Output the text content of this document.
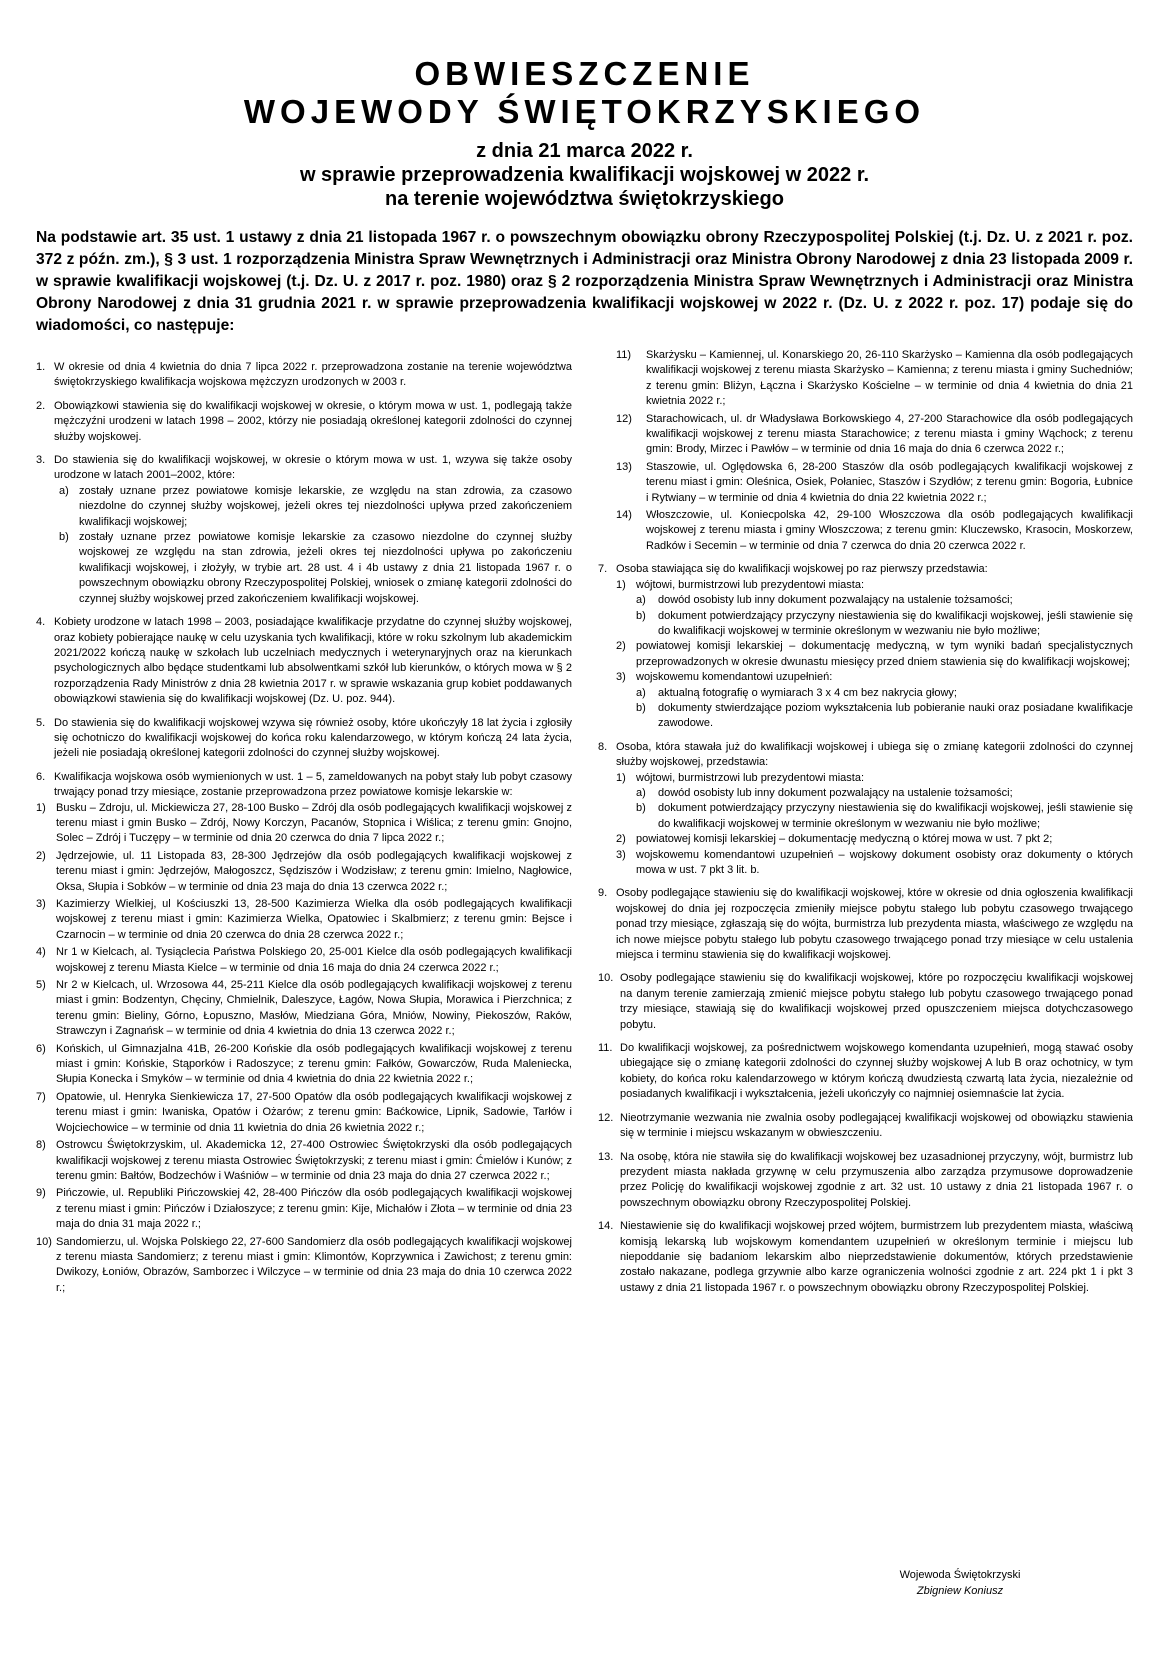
OBWIESZCZENIE
WOJEWODY ŚWIĘTOKRZYSKIEGO
z dnia 21 marca 2022 r.
w sprawie przeprowadzenia kwalifikacji wojskowej w 2022 r.
na terenie województwa świętokrzyskiego
Na podstawie art. 35 ust. 1 ustawy z dnia 21 listopada 1967 r. o powszechnym obowiązku obrony Rzeczypospolitej Polskiej (t.j. Dz. U. z 2021 r. poz. 372 z późn. zm.), § 3 ust. 1 rozporządzenia Ministra Spraw Wewnętrznych i Administracji oraz Ministra Obrony Narodowej z dnia 23 listopada 2009 r. w sprawie kwalifikacji wojskowej (t.j. Dz. U. z 2017 r. poz. 1980) oraz § 2 rozporządzenia Ministra Spraw Wewnętrznych i Administracji oraz Ministra Obrony Narodowej z dnia 31 grudnia 2021 r. w sprawie przeprowadzenia kwalifikacji wojskowej w 2022 r. (Dz. U. z 2022 r. poz. 17) podaje się do wiadomości, co następuje:
1. W okresie od dnia 4 kwietnia do dnia 7 lipca 2022 r. przeprowadzona zostanie na terenie województwa świętokrzyskiego kwalifikacja wojskowa mężczyzn urodzonych w 2003 r.
2. Obowiązkowi stawienia się do kwalifikacji wojskowej w okresie, o którym mowa w ust. 1, podlegają także mężczyźni urodzeni w latach 1998 – 2002, którzy nie posiadają określonej kategorii zdolności do czynnej służby wojskowej.
3. Do stawienia się do kwalifikacji wojskowej, w okresie o którym mowa w ust. 1, wzywa się także osoby urodzone w latach 2001–2002, które:
a) zostały uznane przez powiatowe komisje lekarskie, ze względu na stan zdrowia, za czasowo niezdolne do czynnej służby wojskowej, jeżeli okres tej niezdolności upływa przed zakończeniem kwalifikacji wojskowej;
b) zostały uznane przez powiatowe komisje lekarskie za czasowo niezdolne do czynnej służby wojskowej ze względu na stan zdrowia, jeżeli okres tej niezdolności upływa po zakończeniu kwalifikacji wojskowej, i złożyły, w trybie art. 28 ust. 4 i 4b ustawy z dnia 21 listopada 1967 r. o powszechnym obowiązku obrony Rzeczypospolitej Polskiej, wniosek o zmianę kategorii zdolności do czynnej służby wojskowej przed zakończeniem kwalifikacji wojskowej.
4. Kobiety urodzone w latach 1998 – 2003, posiadające kwalifikacje przydatne do czynnej służby wojskowej, oraz kobiety pobierające naukę w celu uzyskania tych kwalifikacji, które w roku szkolnym lub akademickim 2021/2022 kończą naukę w szkołach lub uczelniach medycznych i weterynaryjnych oraz na kierunkach psychologicznych albo będące studentkami lub absolwentkami szkół lub kierunków, o których mowa w § 2 rozporządzenia Rady Ministrów z dnia 28 kwietnia 2017 r. w sprawie wskazania grup kobiet poddawanych obowiązkowi stawienia się do kwalifikacji wojskowej (Dz. U. poz. 944).
5. Do stawienia się do kwalifikacji wojskowej wzywa się również osoby, które ukończyły 18 lat życia i zgłosiły się ochotniczo do kwalifikacji wojskowej do końca roku kalendarzowego, w którym kończą 24 lata życia, jeżeli nie posiadają określonej kategorii zdolności do czynnej służby wojskowej.
6. Kwalifikacja wojskowa osób wymienionych w ust. 1 – 5, zameldowanych na pobyt stały lub pobyt czasowy trwający ponad trzy miesiące, zostanie przeprowadzona przez powiatowe komisje lekarskie w:
1) Busku – Zdroju, ul. Mickiewicza 27, 28-100 Busko – Zdrój dla osób podlegających kwalifikacji wojskowej z terenu miast i gmin Busko – Zdrój, Nowy Korczyn, Pacanów, Stopnica i Wiślica; z terenu gmin: Gnojno, Solec – Zdrój i Tuczępy – w terminie od dnia 20 czerwca do dnia 7 lipca 2022 r.;
2) Jędrzejowie, ul. 11 Listopada 83, 28-300 Jędrzejów dla osób podlegających kwalifikacji wojskowej z terenu miast i gmin: Jędrzejów, Małogoszcz, Sędziszów i Wodzisław; z terenu gmin: Imielno, Nagłowice, Oksa, Słupia i Sobków – w terminie od dnia 23 maja do dnia 13 czerwca 2022 r.;
3) Kazimierzy Wielkiej, ul Kościuszki 13, 28-500 Kazimierza Wielka dla osób podlegających kwalifikacji wojskowej z terenu miast i gmin: Kazimierza Wielka, Opatowiec i Skalbmierz; z terenu gmin: Bejsce i Czarnocin – w terminie od dnia 20 czerwca do dnia 28 czerwca 2022 r.;
4) Nr 1 w Kielcach, al. Tysiąclecia Państwa Polskiego 20, 25-001 Kielce dla osób podlegających kwalifikacji wojskowej z terenu Miasta Kielce – w terminie od dnia 16 maja do dnia 24 czerwca 2022 r.;
5) Nr 2 w Kielcach, ul. Wrzosowa 44, 25-211 Kielce dla osób podlegających kwalifikacji wojskowej z terenu miast i gmin: Bodzentyn, Chęciny, Chmielnik, Daleszyce, Łagów, Nowa Słupia, Morawica i Pierzchnica; z terenu gmin: Bieliny, Górno, Łopuszno, Masłów, Miedziana Góra, Mniów, Nowiny, Piekoszów, Raków, Strawczyn i Zagnańsk – w terminie od dnia 4 kwietnia do dnia 13 czerwca 2022 r.;
6) Końskich, ul Gimnazjalna 41B, 26-200 Końskie dla osób podlegających kwalifikacji wojskowej z terenu miast i gmin: Końskie, Stąporków i Radoszyce; z terenu gmin: Fałków, Gowarczów, Ruda Maleniecka, Słupia Konecka i Smyków – w terminie od dnia 4 kwietnia do dnia 22 kwietnia 2022 r.;
7) Opatowie, ul. Henryka Sienkiewicza 17, 27-500 Opatów dla osób podlegających kwalifikacji wojskowej z terenu miast i gmin: Iwaniska, Opatów i Ożarów; z terenu gmin: Baćkowice, Lipnik, Sadowie, Tarłów i Wojciechowice – w terminie od dnia 11 kwietnia do dnia 26 kwietnia 2022 r.;
8) Ostrowcu Świętokrzyskim, ul. Akademicka 12, 27-400 Ostrowiec Świętokrzyski dla osób podlegających kwalifikacji wojskowej z terenu miasta Ostrowiec Świętokrzyski; z terenu miast i gmin: Ćmielów i Kunów; z terenu gmin: Bałtów, Bodzechów i Waśniów – w terminie od dnia 23 maja do dnia 27 czerwca 2022 r.;
9) Pińczowie, ul. Republiki Pińczowskiej 42, 28-400 Pińczów dla osób podlegających kwalifikacji wojskowej z terenu miast i gmin: Pińczów i Działoszyce; z terenu gmin: Kije, Michałów i Złota – w terminie od dnia 23 maja do dnia 31 maja 2022 r.;
10) Sandomierzu, ul. Wojska Polskiego 22, 27-600 Sandomierz dla osób podlegających kwalifikacji wojskowej z terenu miasta Sandomierz; z terenu miast i gmin: Klimontów, Koprzywnica i Zawichost; z terenu gmin: Dwikozy, Łoniów, Obrazów, Samborzec i Wilczyce – w terminie od dnia 23 maja do dnia 10 czerwca 2022 r.;
11)	Skarżysku – Kamiennej, ul. Konarskiego 20, 26-110 Skarżysko – Kamienna dla osób podlegających kwalifikacji wojskowej z terenu miasta Skarżysko – Kamienna; z terenu miasta i gminy Suchedniów; z terenu gmin: Bliżyn, Łączna i Skarżysko Kościelne – w terminie od dnia 4 kwietnia do dnia 21 kwietnia 2022 r.;
12)	Starachowicach, ul. dr Władysława Borkowskiego 4, 27-200 Starachowice dla osób podlegających kwalifikacji wojskowej z terenu miasta Starachowice; z terenu miasta i gminy Wąchock; z terenu gmin: Brody, Mirzec i Pawłów – w terminie od dnia 16 maja do dnia 6 czerwca 2022 r.;
13)	Staszowie, ul. Oględowska 6, 28-200 Staszów dla osób podlegających kwalifikacji wojskowej z terenu miast i gmin: Oleśnica, Osiek, Połaniec, Staszów i Szydłów; z terenu gmin: Bogoria, Łubnice i Rytwiany – w terminie od dnia 4 kwietnia do dnia 22 kwietnia 2022 r.;
14)	Włoszczowie, ul. Koniecpolska 42, 29-100 Włoszczowa dla osób podlegających kwalifikacji wojskowej z terenu miasta i gminy Włoszczowa; z terenu gmin: Kluczewsko, Krasocin, Moskorzew, Radków i Secemin – w terminie od dnia 7 czerwca do dnia 20 czerwca 2022 r.
7. Osoba stawiająca się do kwalifikacji wojskowej po raz pierwszy przedstawia:
1) wójtowi, burmistrzowi lub prezydentowi miasta:
a)	dowód osobisty lub inny dokument pozwalający na ustalenie tożsamości;
b)	dokument potwierdzający przyczyny niestawienia się do kwalifikacji wojskowej, jeśli stawienie się do kwalifikacji wojskowej w terminie określonym w wezwaniu nie było możliwe;
2) powiatowej komisji lekarskiej – dokumentację medyczną, w tym wyniki badań specjalistycznych przeprowadzonych w okresie dwunastu miesięcy przed dniem stawienia się do kwalifikacji wojskowej;
3) wojskowemu komendantowi uzupełnień:
a)	aktualną fotografię o wymiarach 3 x 4 cm bez nakrycia głowy;
b)	dokumenty stwierdzające poziom wykształcenia lub pobieranie nauki oraz posiadane kwalifikacje zawodowe.
8. Osoba, która stawała już do kwalifikacji wojskowej i ubiega się o zmianę kategorii zdolności do czynnej służby wojskowej, przedstawia:
1) wójtowi, burmistrzowi lub prezydentowi miasta:
a)	dowód osobisty lub inny dokument pozwalający na ustalenie tożsamości;
b)	dokument potwierdzający przyczyny niestawienia się do kwalifikacji wojskowej, jeśli stawienie się do kwalifikacji wojskowej w terminie określonym w wezwaniu nie było możliwe;
2) powiatowej komisji lekarskiej – dokumentację medyczną o której mowa w ust. 7 pkt 2;
3) wojskowemu komendantowi uzupełnień – wojskowy dokument osobisty oraz dokumenty o których mowa w ust. 7 pkt 3 lit. b.
9. Osoby podlegające stawieniu się do kwalifikacji wojskowej, które w okresie od dnia ogłoszenia kwalifikacji wojskowej do dnia jej rozpoczęcia zmieniły miejsce pobytu stałego lub pobytu czasowego trwającego ponad trzy miesiące, zgłaszają się do wójta, burmistrza lub prezydenta miasta, właściwego ze względu na ich nowe miejsce pobytu stałego lub pobytu czasowego trwającego ponad trzy miesiące w celu ustalenia miejsca i terminu stawienia się do kwalifikacji wojskowej.
10. Osoby podlegające stawieniu się do kwalifikacji wojskowej, które po rozpoczęciu kwalifikacji wojskowej na danym terenie zamierzają zmienić miejsce pobytu stałego lub pobytu czasowego trwającego ponad trzy miesiące, stawiają się do kwalifikacji wojskowej przed opuszczeniem miejsca dotychczasowego pobytu.
11. Do kwalifikacji wojskowej, za pośrednictwem wojskowego komendanta uzupełnień, mogą stawać osoby ubiegające się o zmianę kategorii zdolności do czynnej służby wojskowej A lub B oraz ochotnicy, w tym kobiety, do końca roku kalendarzowego w którym kończą dwudziestą czwartą lata życia, niezależnie od posiadanych kwalifikacji i wykształcenia, jeżeli ukończyły co najmniej osiemnaście lat życia.
12. Nieotrzymanie wezwania nie zwalnia osoby podlegającej kwalifikacji wojskowej od obowiązku stawienia się w terminie i miejscu wskazanym w obwieszczeniu.
13. Na osobę, która nie stawiła się do kwalifikacji wojskowej bez uzasadnionej przyczyny, wójt, burmistrz lub prezydent miasta nakłada grzywnę w celu przymuszenia albo zarządza przymusowe doprowadzenie przez Policję do kwalifikacji wojskowej zgodnie z art. 32 ust. 10 ustawy z dnia 21 listopada 1967 r. o powszechnym obowiązku obrony Rzeczypospolitej Polskiej.
14. Niestawienie się do kwalifikacji wojskowej przed wójtem, burmistrzem lub prezydentem miasta, właściwą komisją lekarską lub wojskowym komendantem uzupełnień w określonym terminie i miejscu lub niepoddanie się badaniom lekarskim albo nieprzedstawienie dokumentów, których przedstawienie zostało nakazane, podlega grzywnie albo karze ograniczenia wolności zgodnie z art. 224 pkt 1 i pkt 3 ustawy z dnia 21 listopada 1967 r. o powszechnym obowiązku obrony Rzeczypospolitej Polskiej.
Wojewoda Świętokrzyski
Zbigniew Koniusz
